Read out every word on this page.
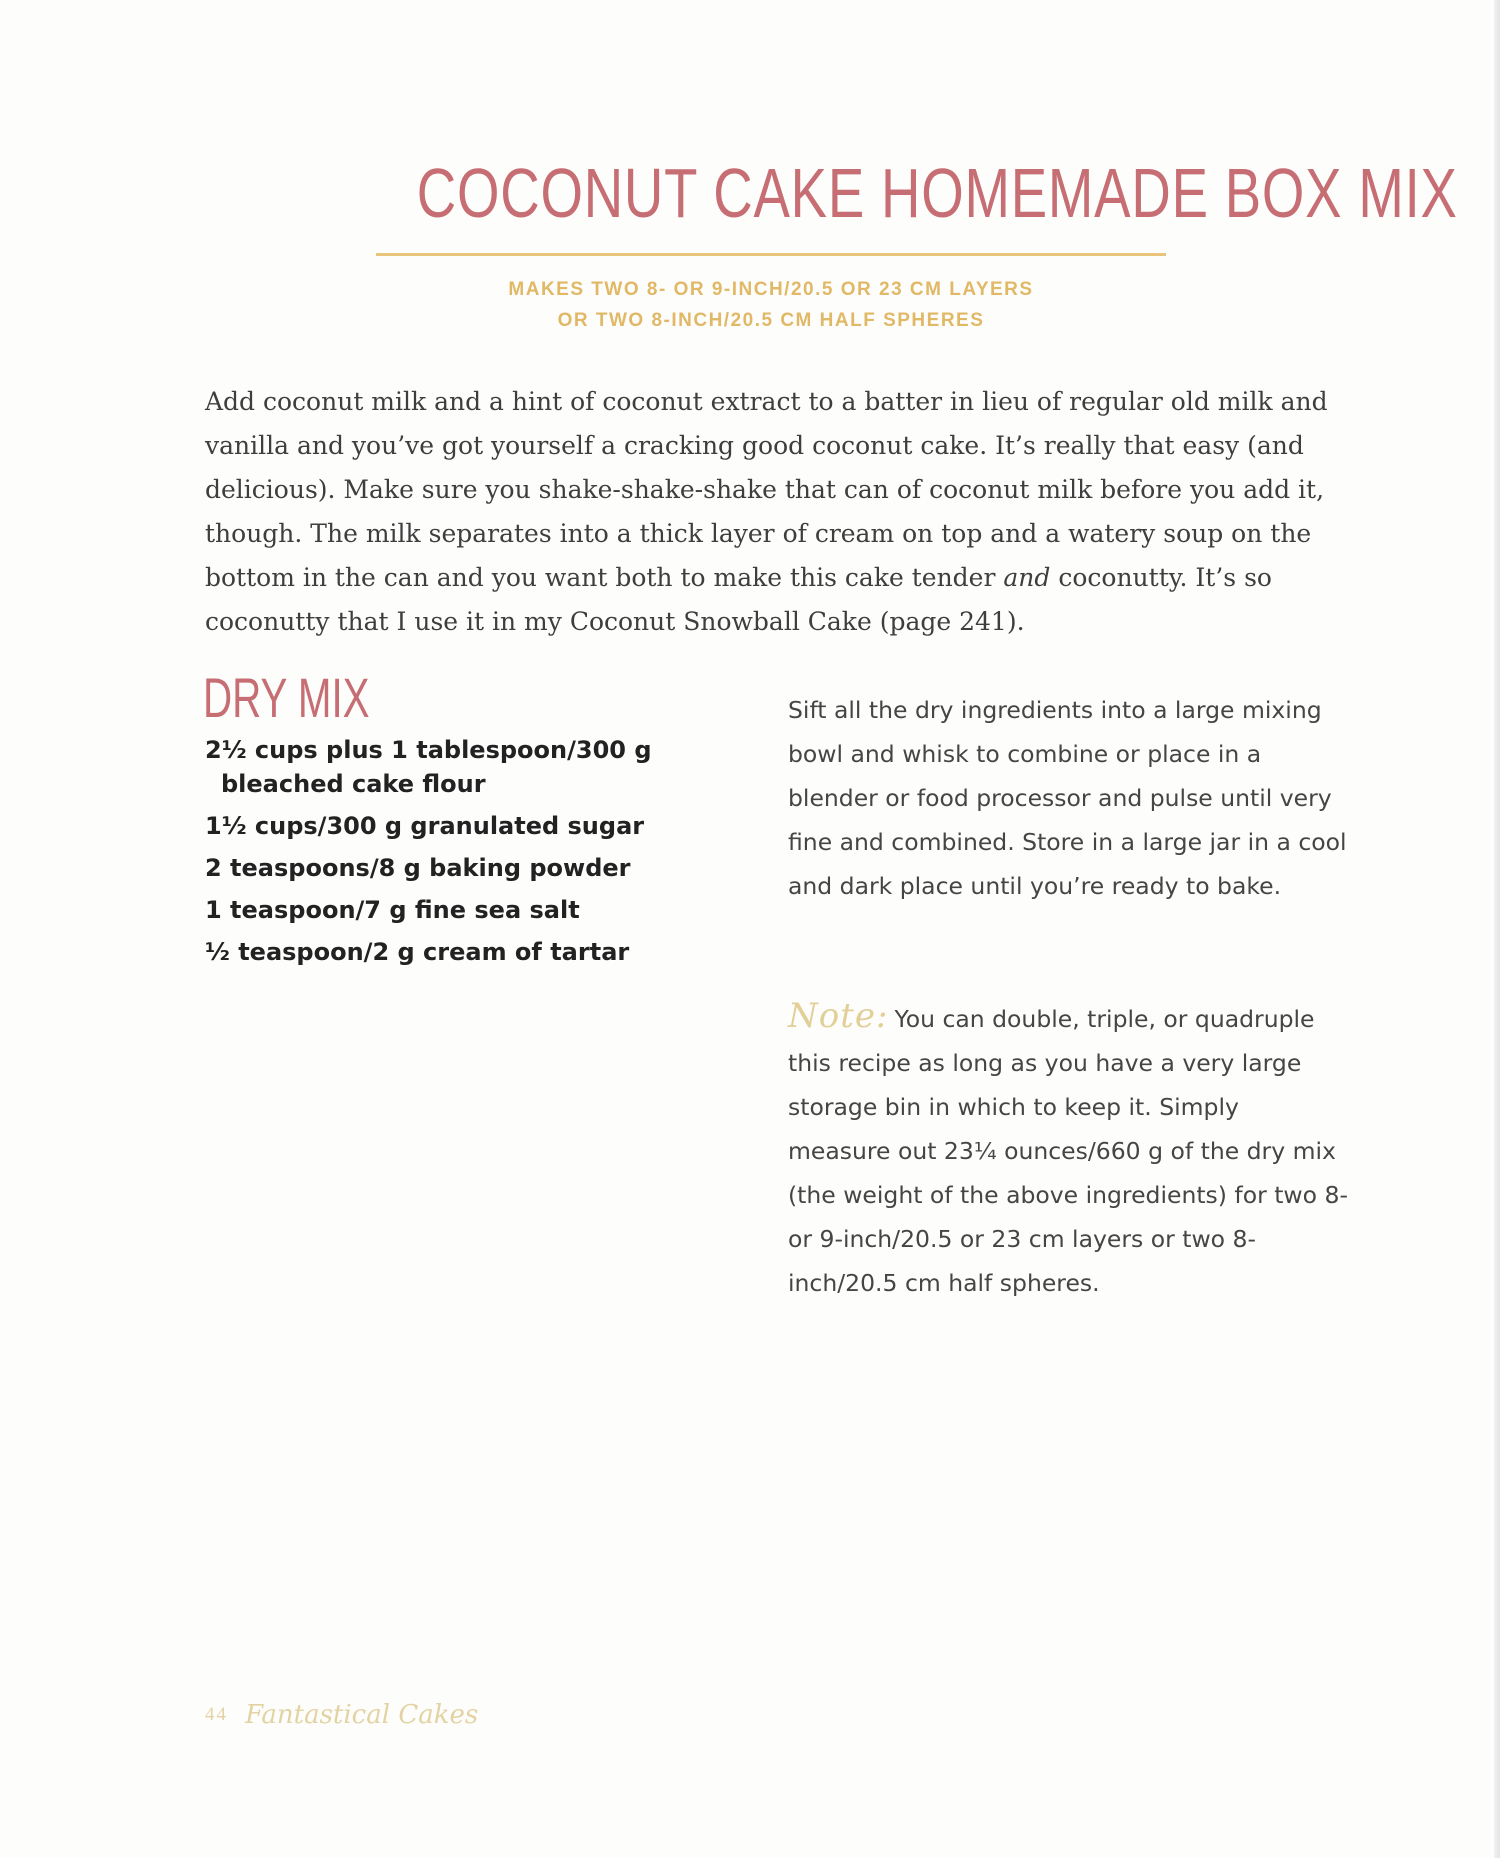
COCONUT CAKE HOMEMADE BOX MIX
MAKES TWO 8- OR 9-INCH/20.5 OR 23 CM LAYERS
OR TWO 8-INCH/20.5 CM HALF SPHERES

Add coconut milk and a hint of coconut extract to a batter in lieu of regular old milk and vanilla and you’ve got yourself a cracking good coconut cake. It’s really that easy (and delicious). Make sure you shake-shake-shake that can of coconut milk before you add it, though. The milk separates into a thick layer of cream on top and a watery soup on the bottom in the can and you want both to make this cake tender and coconutty. It’s so coconutty that I use it in my Coconut Snowball Cake (page 241).

DRY MIX
2½ cups plus 1 tablespoon/300 g bleached cake flour
1½ cups/300 g granulated sugar
2 teaspoons/8 g baking powder
1 teaspoon/7 g fine sea salt
½ teaspoon/2 g cream of tartar

Sift all the dry ingredients into a large mixing bowl and whisk to combine or place in a blender or food processor and pulse until very fine and combined. Store in a large jar in a cool and dark place until you’re ready to bake.

Note: You can double, triple, or quadruple this recipe as long as you have a very large storage bin in which to keep it. Simply measure out 23¼ ounces/660 g of the dry mix (the weight of the above ingredients) for two 8- or 9-inch/20.5 or 23 cm layers or two 8-inch/20.5 cm half spheres.

44 Fantastical Cakes
